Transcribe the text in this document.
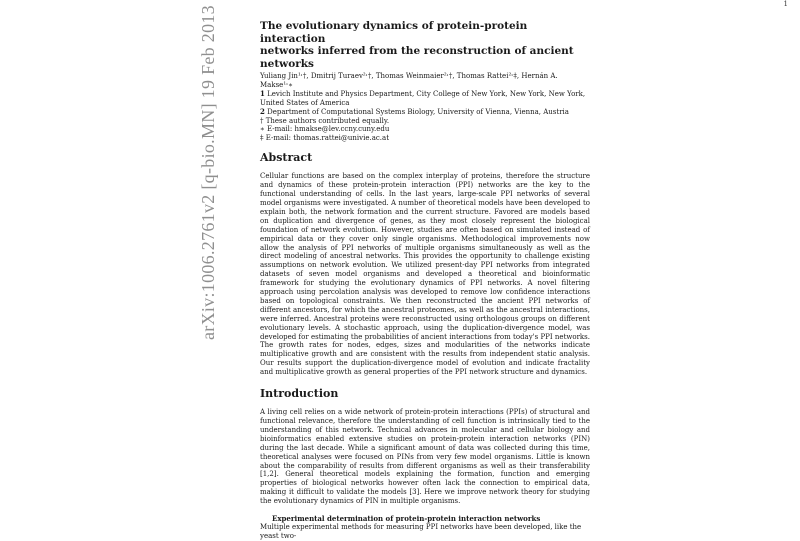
arXiv:1006.2761v2 [q-bio.MN] 19 Feb 2013
1
The evolutionary dynamics of protein-protein interaction
networks inferred from the reconstruction of ancient networks

Yuliang Jin¹˒†, Dmitrij Turaev²˒†, Thomas Weinmaier²˒†, Thomas Rattei²˒‡, Hernán A. Makse¹˒∗

1 Levich Institute and Physics Department, City College of New York, New York, New York, United States of America

2 Department of Computational Systems Biology, University of Vienna, Vienna, Austria

† These authors contributed equally.

∗ E-mail: hmakse@lev.ccny.cuny.edu

‡ E-mail: thomas.rattei@univie.ac.at

Abstract

Cellular functions are based on the complex interplay of proteins, therefore the structure and dynamics of these protein-protein interaction (PPI) networks are the key to the functional understanding of cells. In the last years, large-scale PPI networks of several model organisms were investigated. A number of theoretical models have been developed to explain both, the network formation and the current structure. Favored are models based on duplication and divergence of genes, as they most closely represent the biological foundation of network evolution. However, studies are often based on simulated instead of empirical data or they cover only single organisms. Methodological improvements now allow the analysis of PPI networks of multiple organisms simultaneously as well as the direct modeling of ancestral networks. This provides the opportunity to challenge existing assumptions on network evolution. We utilized present-day PPI networks from integrated datasets of seven model organisms and developed a theoretical and bioinformatic framework for studying the evolutionary dynamics of PPI networks. A novel filtering approach using percolation analysis was developed to remove low confidence interactions based on topological constraints. We then reconstructed the ancient PPI networks of different ancestors, for which the ancestral proteomes, as well as the ancestral interactions, were inferred. Ancestral proteins were reconstructed using orthologous groups on different evolutionary levels. A stochastic approach, using the duplication-divergence model, was developed for estimating the probabilities of ancient interactions from today's PPI networks. The growth rates for nodes, edges, sizes and modularities of the networks indicate multiplicative growth and are consistent with the results from independent static analysis. Our results support the duplication-divergence model of evolution and indicate fractality and multiplicative growth as general properties of the PPI network structure and dynamics.

Introduction

A living cell relies on a wide network of protein-protein interactions (PPIs) of structural and functional relevance, therefore the understanding of cell function is intrinsically tied to the understanding of this network. Technical advances in molecular and cellular biology and bioinformatics enabled extensive studies on protein-protein interaction networks (PIN) during the last decade. While a significant amount of data was collected during this time, theoretical analyses were focused on PINs from very few model organisms. Little is known about the comparability of results from different organisms as well as their transferability [1,2]. General theoretical models explaining the formation, function and emerging properties of biological networks however often lack the connection to empirical data, making it difficult to validate the models [3]. Here we improve network theory for studying the evolutionary dynamics of PIN in multiple organisms.

Experimental determination of protein-protein interaction networks

Multiple experimental methods for measuring PPI networks have been developed, like the yeast two-
